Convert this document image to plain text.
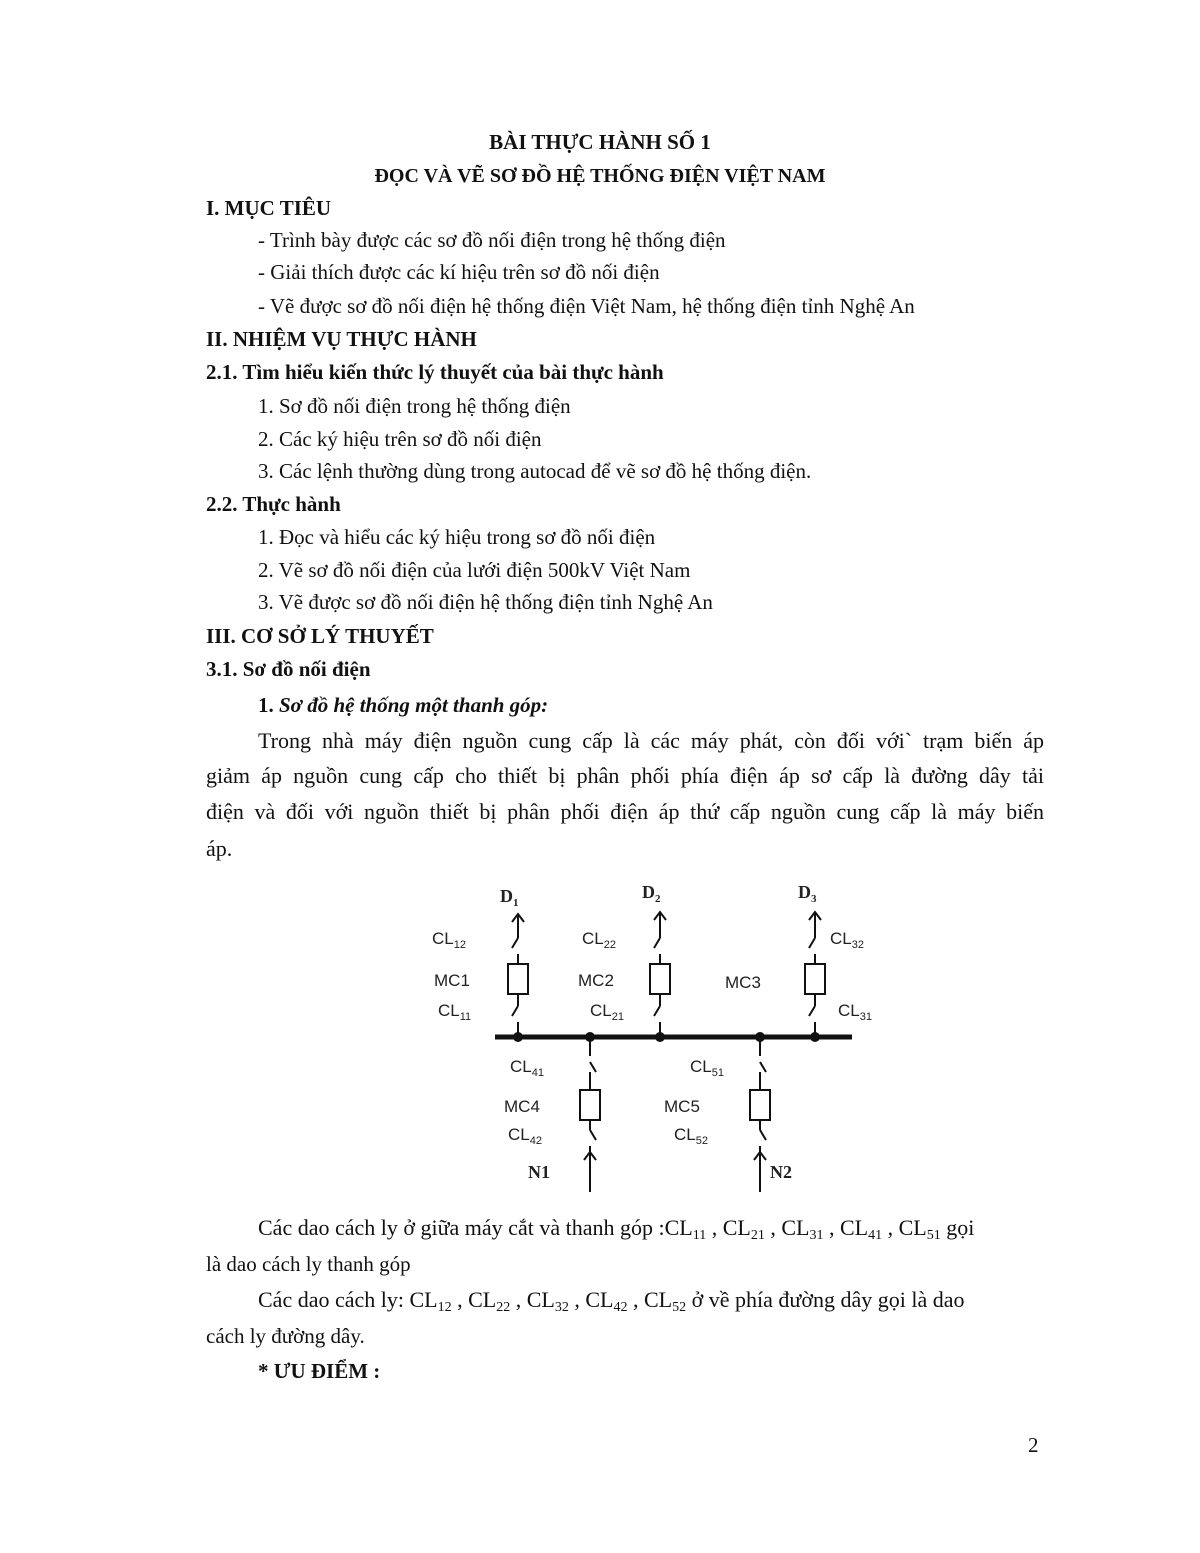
BÀI THỰC HÀNH SỐ 1
ĐỌC VÀ VẼ SƠ ĐỒ HỆ THỐNG ĐIỆN VIỆT NAM
I. MỤC TIÊU
- Trình bày được các sơ đồ nối điện trong hệ thống điện
- Giải thích được các kí hiệu trên sơ đồ nối điện
- Vẽ được sơ đồ nối điện hệ thống điện Việt Nam, hệ thống điện tỉnh Nghệ An
II. NHIỆM VỤ THỰC HÀNH
2.1. Tìm hiểu kiến thức lý thuyết của bài thực hành
1. Sơ đồ nối điện trong hệ thống điện
2. Các ký hiệu trên sơ đồ nối điện
3. Các lệnh thường dùng trong autocad để vẽ sơ đồ hệ thống điện.
2.2. Thực hành
1. Đọc và hiểu các ký hiệu trong sơ đồ nối điện
2. Vẽ sơ đồ nối điện của lưới điện 500kV Việt Nam
3. Vẽ được sơ đồ nối điện hệ thống điện tỉnh Nghệ An
III. CƠ SỞ LÝ THUYẾT
3.1. Sơ đồ nối điện
1. Sơ đồ hệ thống một thanh góp:
Trong nhà máy điện nguồn cung cấp là các máy phát, còn đối với` trạm biến áp
giảm áp nguồn cung cấp cho thiết bị phân phối phía điện áp sơ cấp là đường dây tải
điện và đối với nguồn thiết bị phân phối điện áp thứ cấp nguồn cung cấp là máy biến
áp.
$D_1$
$CL_{12}$
MC1
$CL_{11}$
$D_2$
$CL_{22}$
MC2
$CL_{21}$
$D_3$
$CL_{32}$
MC3
$CL_{31}$
$CL_{41}$
MC4
$CL_{42}$
N1
$CL_{51}$
MC5
$CL_{52}$
N2
Các dao cách ly ở giữa máy cắt và thanh góp $:CL_{11}$ , $CL_{21}$ , $CL_{31}$ , $CL_{41}$ , $CL_{51}$ gọi
là dao cách ly thanh góp
Các dao cách ly: $CL_{12}$ , $CL_{22}$ , $CL_{32}$ , $CL_{42}$ , $CL_{52}$ ở về phía đường dây gọi là dao
cách ly đường dây.
* ƯU ĐIỂM :
2
